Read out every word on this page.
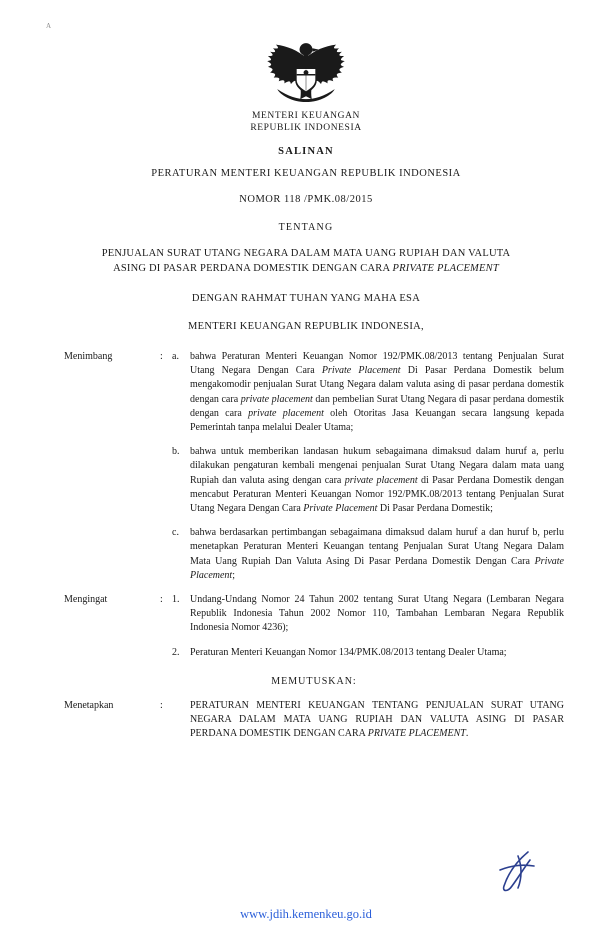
A
MENTERI KEUANGAN
REPUBLIK INDONESIA
SALINAN
PERATURAN MENTERI KEUANGAN REPUBLIK INDONESIA
NOMOR 118 /PMK.08/2015
TENTANG
PENJUALAN SURAT UTANG NEGARA DALAM MATA UANG RUPIAH DAN VALUTA
ASING DI PASAR PERDANA DOMESTIK DENGAN CARA PRIVATE PLACEMENT
DENGAN RAHMAT TUHAN YANG MAHA ESA
MENTERI KEUANGAN REPUBLIK INDONESIA,
Menimbang	: a.	bahwa Peraturan Menteri Keuangan Nomor 192/PMK.08/2013 tentang Penjualan Surat Utang Negara Dengan Cara Private Placement Di Pasar Perdana Domestik belum mengakomodir penjualan Surat Utang Negara dalam valuta asing di pasar perdana domestik dengan cara private placement dan pembelian Surat Utang Negara di pasar perdana domestik dengan cara private placement oleh Otoritas Jasa Keuangan secara langsung kepada Pemerintah tanpa melalui Dealer Utama;
b.	bahwa untuk memberikan landasan hukum sebagaimana dimaksud dalam huruf a, perlu dilakukan pengaturan kembali mengenai penjualan Surat Utang Negara dalam mata uang Rupiah dan valuta asing dengan cara private placement di Pasar Perdana Domestik dengan mencabut Peraturan Menteri Keuangan Nomor 192/PMK.08/2013 tentang Penjualan Surat Utang Negara Dengan Cara Private Placement Di Pasar Perdana Domestik;
c.	bahwa berdasarkan pertimbangan sebagaimana dimaksud dalam huruf a dan huruf b, perlu menetapkan Peraturan Menteri Keuangan tentang Penjualan Surat Utang Negara Dalam Mata Uang Rupiah Dan Valuta Asing Di Pasar Perdana Domestik Dengan Cara Private Placement;
Mengingat	: 1.	Undang-Undang Nomor 24 Tahun 2002 tentang Surat Utang Negara (Lembaran Negara Republik Indonesia Tahun 2002 Nomor 110, Tambahan Lembaran Negara Republik Indonesia Nomor 4236);
2.	Peraturan Menteri Keuangan Nomor 134/PMK.08/2013 tentang Dealer Utama;
MEMUTUSKAN:
Menetapkan	:	PERATURAN MENTERI KEUANGAN TENTANG PENJUALAN SURAT UTANG NEGARA DALAM MATA UANG RUPIAH DAN VALUTA ASING DI PASAR PERDANA DOMESTIK DENGAN CARA PRIVATE PLACEMENT.
www.jdih.kemenkeu.go.id
